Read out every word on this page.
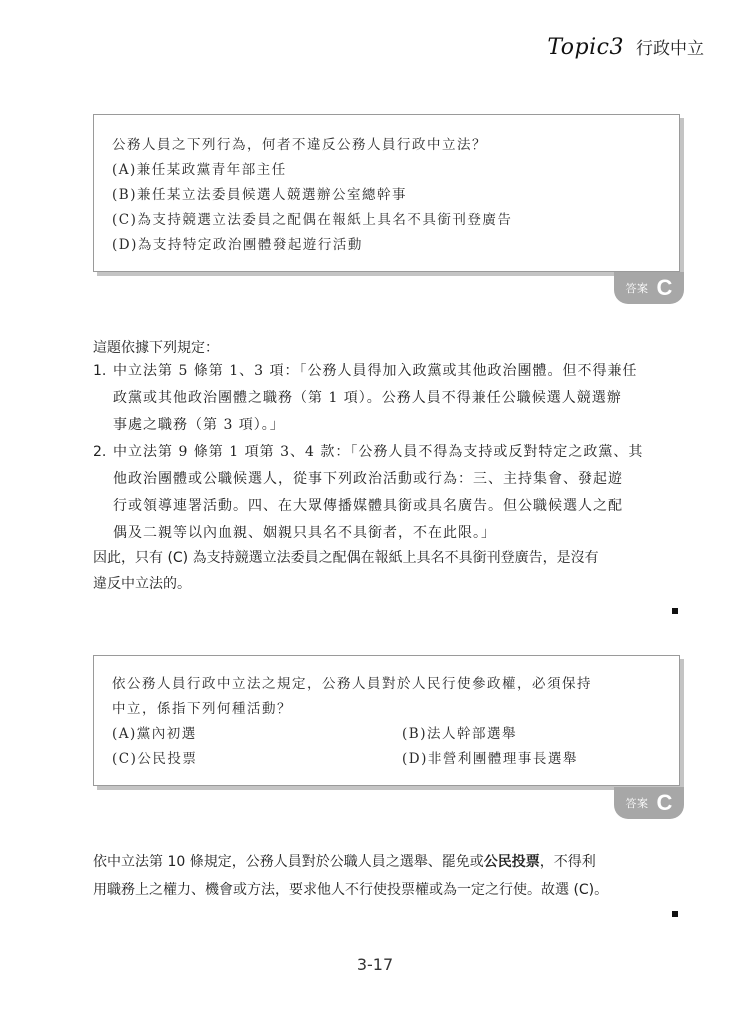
Topic3 行政中立
公務人員之下列行為，何者不違反公務人員行政中立法？
(A)兼任某政黨青年部主任
(B)兼任某立法委員候選人競選辦公室總幹事
(C)為支持競選立法委員之配偶在報紙上具名不具銜刊登廣告
(D)為支持特定政治團體發起遊行活動
答案 C
這題依據下列規定：
1. 中立法第 5 條第 1、3 項：「公務人員得加入政黨或其他政治團體。但不得兼任
政黨或其他政治團體之職務（第 1 項）。公務人員不得兼任公職候選人競選辦
事處之職務（第 3 項）。」
2. 中立法第 9 條第 1 項第 3、4 款：「公務人員不得為支持或反對特定之政黨、其
他政治團體或公職候選人，從事下列政治活動或行為：三、主持集會、發起遊
行或領導連署活動。四、在大眾傳播媒體具銜或具名廣告。但公職候選人之配
偶及二親等以內血親、姻親只具名不具銜者，不在此限。」
因此，只有 (C) 為支持競選立法委員之配偶在報紙上具名不具銜刊登廣告，是沒有
違反中立法的。
依公務人員行政中立法之規定，公務人員對於人民行使參政權，必須保持
中立，係指下列何種活動？
(A)黨內初選	(B)法人幹部選舉
(C)公民投票	(D)非營利團體理事長選舉
答案 C
依中立法第 10 條規定，公務人員對於公職人員之選舉、罷免或公民投票，不得利
用職務上之權力、機會或方法，要求他人不行使投票權或為一定之行使。故選 (C)。
3-17
